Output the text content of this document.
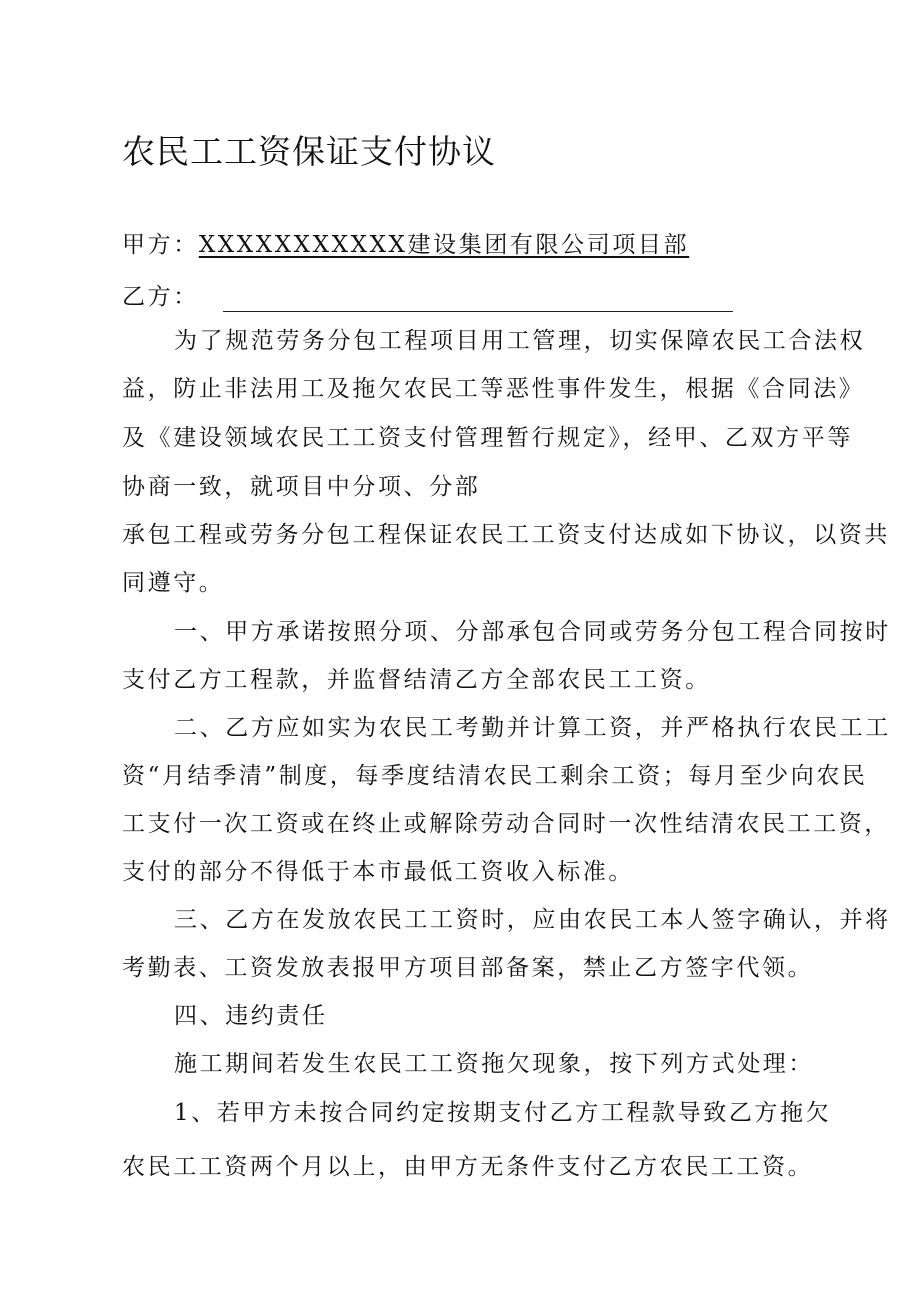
农民工工资保证支付协议
甲方：XXXXXXXXXXX建设集团有限公司项目部
乙方：
为了规范劳务分包工程项目用工管理，切实保障农民工合法权
益，防止非法用工及拖欠农民工等恶性事件发生，根据《合同法》
及《建设领域农民工工资支付管理暂行规定》，经甲、乙双方平等
协商一致，就项目中分项、分部
承包工程或劳务分包工程保证农民工工资支付达成如下协议，以资共
同遵守。
一、甲方承诺按照分项、分部承包合同或劳务分包工程合同按时
支付乙方工程款，并监督结清乙方全部农民工工资。
二、乙方应如实为农民工考勤并计算工资，并严格执行农民工工
资“月结季清”制度，每季度结清农民工剩余工资；每月至少向农民
工支付一次工资或在终止或解除劳动合同时一次性结清农民工工资，
支付的部分不得低于本市最低工资收入标准。
三、乙方在发放农民工工资时，应由农民工本人签字确认，并将
考勤表、工资发放表报甲方项目部备案，禁止乙方签字代领。
四、违约责任
施工期间若发生农民工工资拖欠现象，按下列方式处理：
1、若甲方未按合同约定按期支付乙方工程款导致乙方拖欠
农民工工资两个月以上，由甲方无条件支付乙方农民工工资。
